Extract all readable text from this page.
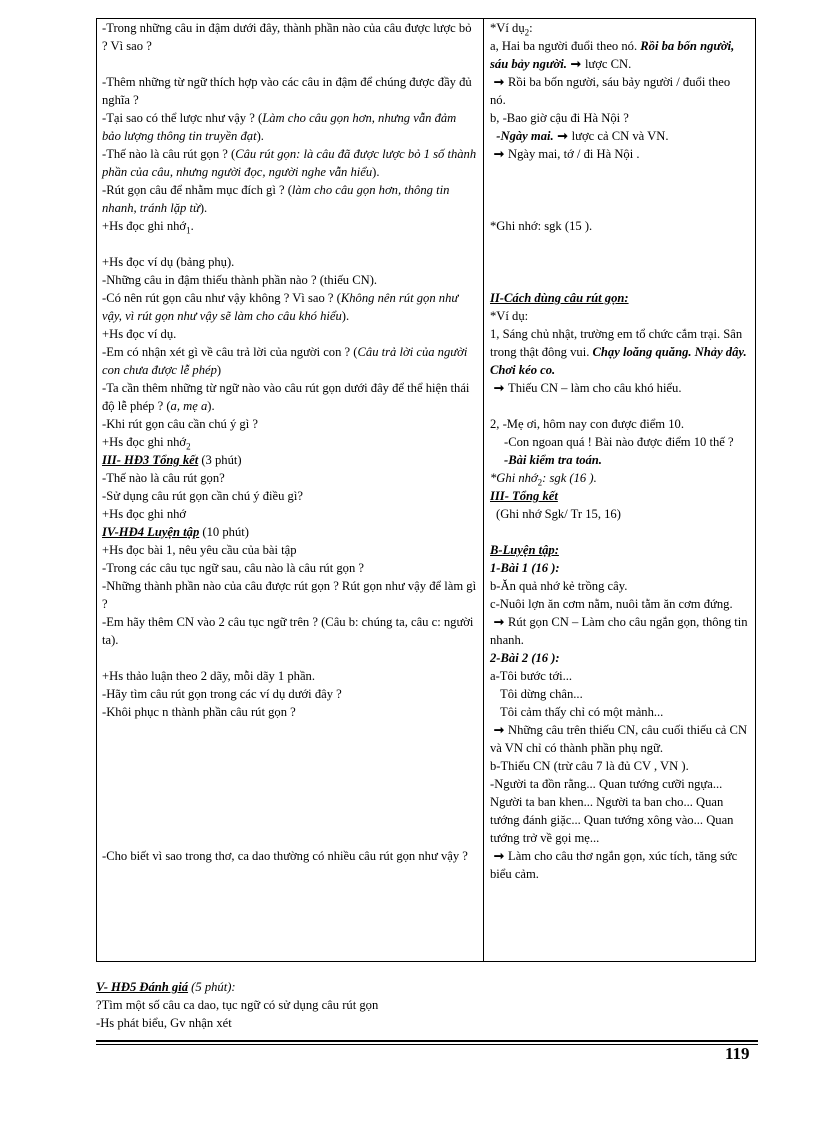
-Trong những câu in đậm dưới đây, thành phần nào của câu được lược bỏ ? Vì sao ?

-Thêm những từ ngữ thích hợp vào các câu in đậm để chúng được đầy đủ nghĩa ?

-Tại sao có thể lược như vậy ? (Làm cho câu gọn hơn, nhưng vẫn đảm bảo lượng thông tin truyền đạt).

-Thế nào là câu rút gọn ? (Câu rút gọn: là câu đã được lược bỏ 1 số thành phần của câu, nhưng người đọc, người nghe vẫn hiểu).

-Rút gọn câu để nhằm mục đích gì ? (làm cho câu gọn hơn, thông tin nhanh, tránh lặp từ).

+Hs đọc ghi nhớ$_1$.

+Hs đọc ví dụ (bảng phụ).

-Những câu in đậm thiếu thành phần nào ? (thiếu CN).

-Có nên rút gọn câu như vậy không ? Vì sao ? (Không nên rút gọn như vậy, vì rút gọn như vậy sẽ làm cho câu khó hiểu).

+Hs đọc ví dụ.

-Em có nhận xét gì về câu trả lời của người con ? (Câu trả lời của người con chưa được lễ phép)

-Ta cần thêm những từ ngữ nào vào câu rút gọn dưới đây để thể hiện thái độ lễ phép ? (a, mẹ a).

-Khi rút gọn câu cần chú ý gì ?

+Hs đọc ghi nhớ$_2$

III- HĐ3 Tổng kết (3 phút)

-Thế nào là câu rút gọn?

-Sử dụng câu rút gọn cần chú ý điều gì?

+Hs đọc ghi nhớ

IV-HĐ4 Luyện tập (10 phút)

+Hs đọc bài 1, nêu yêu cầu của bài tập

-Trong các câu tục ngữ sau, câu nào là câu rút gọn ?

-Những thành phần nào của câu được rút gọn ? Rút gọn như vậy để làm gì ?

-Em hãy thêm CN vào 2 câu tục ngữ trên ? (Câu b: chúng ta, câu c: người ta).

+Hs thảo luận theo 2 dãy, mỗi dãy 1 phần.

-Hãy tìm câu rút gọn trong các ví dụ dưới đây ?

-Khôi phục n thành phần câu rút gọn ?

-Cho biết vì sao trong thơ, ca dao thường có nhiều câu rút gọn như vậy ?

*Ví dụ$_2$:

a, Hai ba người đuổi theo nó. Rồi ba bốn người, sáu bảy người. ➞ lược CN.

➞ Rồi ba bốn người, sáu bảy người / đuổi theo nó.

b, -Bao giờ cậu đi Hà Nội ?

-Ngày mai. ➞ lược cả CN và VN.

➞ Ngày mai, tớ / đi Hà Nội .

*Ghi nhớ: sgk (15 ).

II-Cách dùng câu rút gọn:

*Ví dụ:

1, Sáng chủ nhật, trường em tổ chức cắm trại. Sân trong thật đông vui. Chạy loăng quăng. Nhảy dây. Chơi kéo co.

➞ Thiếu CN – làm cho câu khó hiểu.

2, -Mẹ ơi, hôm nay con được điểm 10.

-Con ngoan quá ! Bài nào được điểm 10 thế ?

-Bài kiểm tra toán.

*Ghi nhớ$_2$: sgk (16 ).

III- Tổng kết

(Ghi nhớ Sgk/ Tr 15, 16)

B-Luyện tập:

1-Bài 1 (16 ):

b-Ăn quả nhớ kẻ trồng cây.

c-Nuôi lợn ăn cơm nằm, nuôi tằm ăn cơm đứng.

➞ Rút gọn CN – Làm cho câu ngắn gọn, thông tin nhanh.

2-Bài 2 (16 ):

a-Tôi bước tới...

Tôi dừng chân...

Tôi cảm thấy chỉ có một mảnh...

➞ Những câu trên thiếu CN, câu cuối thiếu cả CN và VN chỉ có thành phần phụ ngữ.

b-Thiếu CN (trừ câu 7 là đủ CV , VN ).

-Người ta đồn rằng... Quan tướng cưỡi ngựa... Người ta ban khen... Người ta ban cho... Quan tướng đánh giặc... Quan tướng xông vào... Quan tướng trở về gọi mẹ...

➞ Làm cho câu thơ ngắn gọn, xúc tích, tăng sức biểu cảm.

V- HĐ5 Đánh giá (5 phút):

?Tìm một số câu ca dao, tục ngữ có sử dụng câu rút gọn

-Hs phát biểu, Gv nhận xét

119
